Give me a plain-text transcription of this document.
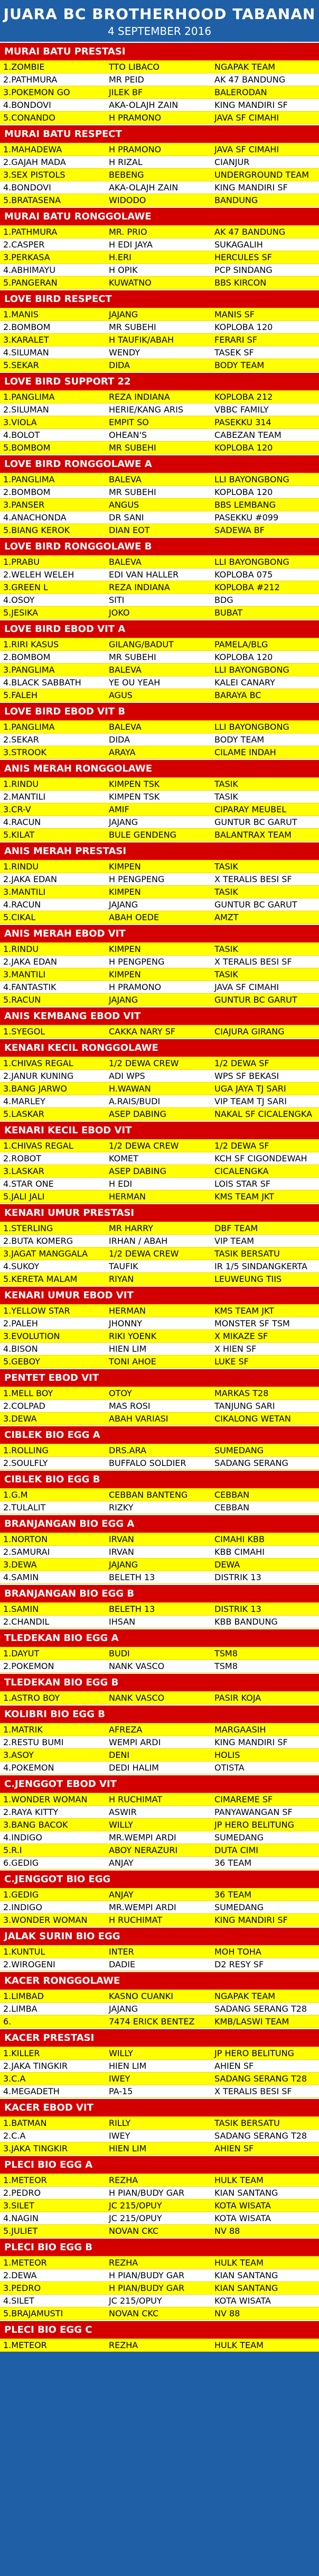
JUARA BC BROTHERHOOD TABANAN
4 SEPTEMBER 2016
MURAI BATU PRESTASI
1.ZOMBIE	TTO LIBACO	NGAPAK TEAM
2.PATHMURA	MR PEID	AK 47 BANDUNG
3.POKEMON GO	JILEK BF	BALERODAN
4.BONDOVI	AKA-OLAJH ZAIN	KING MANDIRI SF
5.CONANDO	H PRAMONO	JAVA SF CIMAHI
MURAI BATU RESPECT
1.MAHADEWA	H PRAMONO	JAVA SF CIMAHI
2.GAJAH MADA	H RIZAL	CIANJUR
3.SEX PISTOLS	BEBENG	UNDERGROUND TEAM
4.BONDOVI	AKA-OLAJH ZAIN	KING MANDIRI SF
5.BRATASENA	WIDODO	BANDUNG
MURAI BATU RONGGOLAWE
1.PATHMURA	MR. PRIO	AK 47 BANDUNG
2.CASPER	H EDI JAYA	SUKAGALIH
3.PERKASA	H.ERI	HERCULES SF
4.ABHIMAYU	H OPIK	PCP SINDANG
5.PANGERAN	KUWATNO	BBS KIRCON
LOVE BIRD RESPECT
1.MANIS	JAJANG	MANIS SF
2.BOMBOM	MR SUBEHI	KOPLOBA 120
3.KARALET	H TAUFIK/ABAH	FERARI SF
4.SILUMAN	WENDY	TASEK SF
5.SEKAR	DIDA	BODY TEAM
LOVE BIRD SUPPORT 22
1.PANGLIMA	REZA INDIANA	KOPLOBA 212
2.SILUMAN	HERIE/KANG ARIS	VBBC FAMILY
3.VIOLA	EMPIT SO	PASEKKU 314
4.BOLOT	OHEAN'S	CABEZAN TEAM
5.BOMBOM	MR SUBEHI	KOPLOBA 120
LOVE BIRD RONGGOLAWE A
1.PANGLIMA	BALEVA	LLI BAYONGBONG
2.BOMBOM	MR SUBEHI	KOPLOBA 120
3.PANSER	ANGUS	BBS LEMBANG
4.ANACHONDA	DR SANI	PASEKKU #099
5.BIANG KEROK	DIAN EOT	SADEWA BF
LOVE BIRD RONGGOLAWE B
1.PRABU	BALEVA	LLI BAYONGBONG
2.WELEH WELEH	EDI VAN HALLER	KOPLOBA 075
3.GREEN L	REZA INDIANA	KOPLOBA #212
4.OSOY	SITI	BDG
5.JESIKA	JOKO	BUBAT
LOVE BIRD EBOD VIT A
1.RIRI KASUS	GILANG/BADUT	PAMELA/BLG
2.BOMBOM	MR SUBEHI	KOPLOBA 120
3.PANGLIMA	BALEVA	LLI BAYONGBONG
4.BLACK SABBATH	YE OU YEAH	KALEI CANARY
5.FALEH	AGUS	BARAYA BC
LOVE BIRD EBOD VIT B
1.PANGLIMA	BALEVA	LLI BAYONGBONG
2.SEKAR	DIDA	BODY TEAM
3.STROOK	ARAYA	CILAME INDAH
ANIS MERAH RONGGOLAWE
1.RINDU	KIMPEN TSK	TASIK
2.MANTILI	KIMPEN TSK	TASIK
3.CR-V	AMIF	CIPARAY MEUBEL
4.RACUN	JAJANG	GUNTUR BC GARUT
5.KILAT	BULE GENDENG	BALANTRAX TEAM
ANIS MERAH PRESTASI
1.RINDU	KIMPEN	TASIK
2.JAKA EDAN	H PENGPENG	X TERALIS BESI SF
3.MANTILI	KIMPEN	TASIK
4.RACUN	JAJANG	GUNTUR BC GARUT
5.CIKAL	ABAH OEDE	AMZT
ANIS MERAH EBOD VIT
1.RINDU	KIMPEN	TASIK
2.JAKA EDAN	H PENGPENG	X TERALIS BESI SF
3.MANTILI	KIMPEN	TASIK
4.FANTASTIK	H PRAMONO	JAVA SF CIMAHI
5.RACUN	JAJANG	GUNTUR BC GARUT
ANIS KEMBANG EBOD VIT
1.SYEGOL	CAKKA NARY SF	CIAJURA GIRANG
KENARI KECIL RONGGOLAWE
1.CHIVAS REGAL	1/2 DEWA CREW	1/2 DEWA SF
2.JANUR KUNING	ADI WPS	WPS SF BEKASI
3.BANG JARWO	H.WAWAN	UGA JAYA TJ SARI
4.MARLEY	A.RAIS/BUDI	VIP TEAM TJ SARI
5.LASKAR	ASEP DABING	NAKAL SF CICALENGKA
KENARI KECIL EBOD VIT
1.CHIVAS REGAL	1/2 DEWA CREW	1/2 DEWA SF
2.ROBOT	KOMET	KCH SF CIGONDEWAH
3.LASKAR	ASEP DABING	CICALENGKA
4.STAR ONE	H EDI	LOIS STAR SF
5.JALI JALI	HERMAN	KMS TEAM JKT
KENARI UMUR PRESTASI
1.STERLING	MR HARRY	DBF TEAM
2.BUTA KOMERG	IRHAN / ABAH	VIP TEAM
3.JAGAT MANGGALA	1/2 DEWA CREW	TASIK BERSATU
4.SUKOY	TAUFIK	IR 1/5 SINDANGKERTA
5.KERETA MALAM	RIYAN	LEUWEUNG TIIS
KENARI UMUR EBOD VIT
1.YELLOW STAR	HERMAN	KMS TEAM JKT
2.PALEH	JHONNY	MONSTER SF TSM
3.EVOLUTION	RIKI YOENK	X MIKAZE SF
4.BISON	HIEN LIM	X HIEN SF
5.GEBOY	TONI AHOE	LUKE SF
PENTET EBOD VIT
1.MELL BOY	OTOY	MARKAS T28
2.COLPAD	MAS ROSI	TANJUNG SARI
3.DEWA	ABAH VARIASI	CIKALONG WETAN
CIBLEK BIO EGG A
1.ROLLING	DRS.ARA	SUMEDANG
2.SOULFLY	BUFFALO SOLDIER	SADANG SERANG
CIBLEK BIO EGG B
1.G.M	CEBBAN BANTENG	CEBBAN
2.TULALIT	RIZKY	CEBBAN
BRANJANGAN BIO EGG A
1.NORTON	IRVAN	CIMAHI KBB
2.SAMURAI	IRVAN	KBB CIMAHI
3.DEWA	JAJANG	DEWA
4.SAMIN	BELETH 13	DISTRIK 13
BRANJANGAN BIO EGG B
1.SAMIN	BELETH 13	DISTRIK 13
2.CHANDIL	IHSAN	KBB BANDUNG
TLEDEKAN BIO EGG A
1.DAYUT	BUDI	TSM8
2.POKEMON	NANK VASCO	TSM8
TLEDEKAN BIO EGG B
1.ASTRO BOY	NANK VASCO	PASIR KOJA
KOLIBRI BIO EGG B
1.MATRIK	AFREZA	MARGAASIH
2.RESTU BUMI	WEMPI ARDI	KING MANDIRI SF
3.ASOY	DENI	HOLIS
4.POKEMON	DEDI HALIM	OTISTA
C.JENGGOT EBOD VIT
1.WONDER WOMAN	H RUCHIMAT	CIMAREME SF
2.RAYA KITTY	ASWIR	PANYAWANGAN SF
3.BANG BACOK	WILLY	JP HERO BELITUNG
4.INDIGO	MR.WEMPI ARDI	SUMEDANG
5.R.I	ABOY NERAZURI	DUTA CIMI
6.GEDIG	ANJAY	36 TEAM
C.JENGGOT BIO EGG
1.GEDIG	ANJAY	36 TEAM
2.INDIGO	MR.WEMPI ARDI	SUMEDANG
3.WONDER WOMAN	H RUCHIMAT	KING MANDIRI SF
JALAK SURIN BIO EGG
1.KUNTUL	INTER	MOH TOHA
2.WIROGENI	DADIE	D2 RESY SF
KACER RONGGOLAWE
1.LIMBAD	KASNO CUANKI	NGAPAK TEAM
2.LIMBA	JAJANG	SADANG SERANG T28
6.	7474 ERICK BENTEZ	KMB/LASWI TEAM
KACER PRESTASI
1.KILLER	WILLY	JP HERO BELITUNG
2.JAKA TINGKIR	HIEN LIM	AHIEN SF
3.C.A	IWEY	SADANG SERANG T28
4.MEGADETH	PA-15	X TERALIS BESI SF
KACER EBOD VIT
1.BATMAN	RILLY	TASIK BERSATU
2.C.A	IWEY	SADANG SERANG T28
3.JAKA TINGKIR	HIEN LIM	AHIEN SF
PLECI BIO EGG A
1.METEOR	REZHA	HULK TEAM
2.PEDRO	H PIAN/BUDY GAR	KIAN SANTANG
3.SILET	JC 215/OPUY	KOTA WISATA
4.NAGIN	JC 215/OPUY	KOTA WISATA
5.JULIET	NOVAN CKC	NV 88
PLECI BIO EGG B
1.METEOR	REZHA	HULK TEAM
2.DEWA	H PIAN/BUDY GAR	KIAN SANTANG
3.PEDRO	H PIAN/BUDY GAR	KIAN SANTANG
4.SILET	JC 215/OPUY	KOTA WISATA
5.BRAJAMUSTI	NOVAN CKC	NV 88
PLECI BIO EGG C
1.METEOR	REZHA	HULK TEAM
